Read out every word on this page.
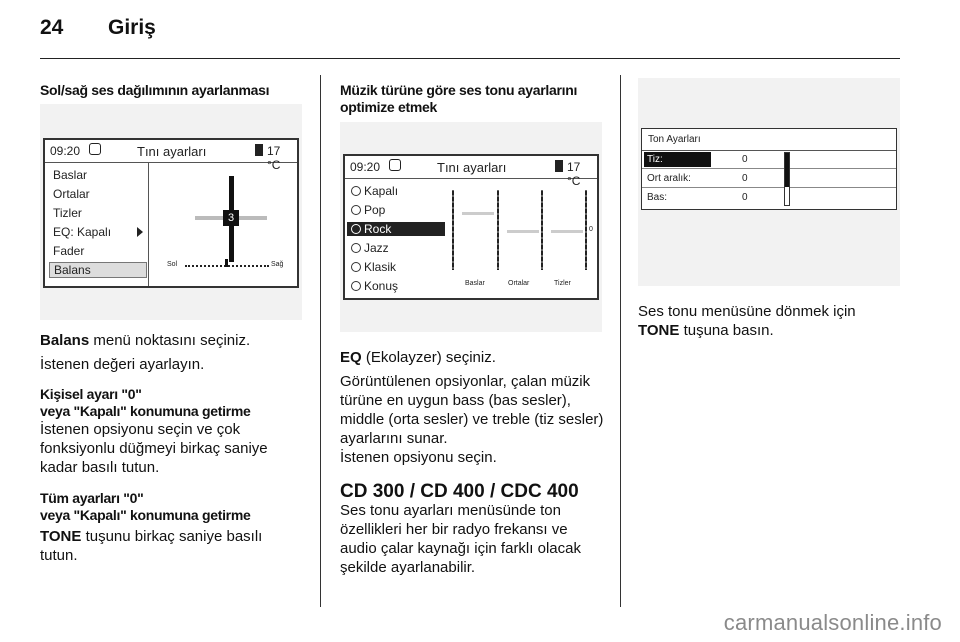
24 Giriş
Sol/sağ ses dağılımının ayarlanması
09:20	Tını ayarları	17 °C
Baslar
Ortalar
Tizler
EQ: Kapalı
Fader
Balans
3
Sol	Sağ
Balans menü noktasını seçiniz.
İstenen değeri ayarlayın.
Kişisel ayarı "0"
veya "Kapalı" konumuna getirme
İstenen opsiyonu seçin ve çok fonksiyonlu düğmeyi birkaç saniye kadar basılı tutun.
Tüm ayarları "0"
veya "Kapalı" konumuna getirme
TONE tuşunu birkaç saniye basılı tutun.
Müzik türüne göre ses tonu ayarlarını optimize etmek
09:20	Tını ayarları	17 °C
Kapalı
Pop
Rock
Jazz
Klasik
Konuş
0
Baslar	Ortalar	Tizler
EQ (Ekolayzer) seçiniz.
Görüntülenen opsiyonlar, çalan müzik türüne en uygun bass (bas sesler), middle (orta sesler) ve treble (tiz sesler) ayarlarını sunar.
İstenen opsiyonu seçin.
CD 300 / CD 400 / CDC 400
Ses tonu ayarları menüsünde ton özellikleri her bir radyo frekansı ve audio çalar kaynağı için farklı olacak şekilde ayarlanabilir.
Ton Ayarları
Tiz:	0
Ort aralık:	0
Bas:	0
Ses tonu menüsüne dönmek için
TONE tuşuna basın.
carmanualsonline.info
